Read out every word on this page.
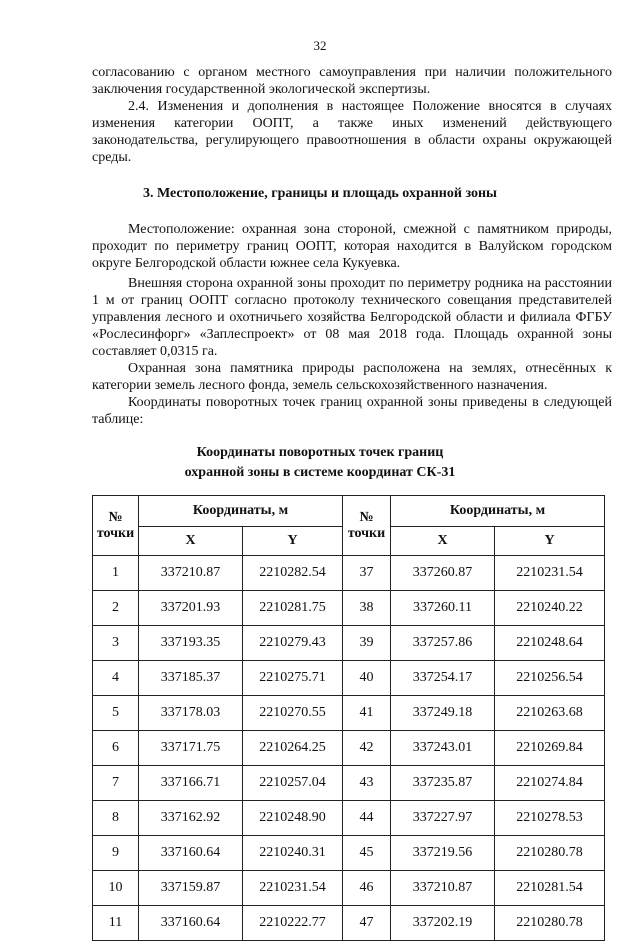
32

согласованию с органом местного самоуправления при наличии положительного заключения государственной экологической экспертизы.

2.4. Изменения и дополнения в настоящее Положение вносятся в случаях изменения категории ООПТ, а также иных изменений действующего законодательства, регулирующего правоотношения в области охраны окружающей среды.

3. Местоположение, границы и площадь охранной зоны

Местоположение: охранная зона стороной, смежной с памятником природы, проходит по периметру границ ООПТ, которая находится в Валуйском городском округе Белгородской области южнее села Кукуевка.

Внешняя сторона охранной зоны проходит по периметру родника на расстоянии 1 м от границ ООПТ согласно протоколу технического совещания представителей управления лесного и охотничьего хозяйства Белгородской области и филиала ФГБУ «Рослесинфорг» «Заплеспроект» от 08 мая 2018 года. Площадь охранной зоны составляет 0,0315 га.

Охранная зона памятника природы расположена на землях, отнесённых к категории земель лесного фонда, земель сельскохозяйственного назначения.

Координаты поворотных точек границ охранной зоны приведены в следующей таблице:

Координаты поворотных точек границ
охранной зоны в системе координат СК-31
№ точки	Координаты, м		№ точки	Координаты, м	
	X	Y		X	Y
1	337210.87	2210282.54	37	337260.87	2210231.54
2	337201.93	2210281.75	38	337260.11	2210240.22
3	337193.35	2210279.43	39	337257.86	2210248.64
4	337185.37	2210275.71	40	337254.17	2210256.54
5	337178.03	2210270.55	41	337249.18	2210263.68
6	337171.75	2210264.25	42	337243.01	2210269.84
7	337166.71	2210257.04	43	337235.87	2210274.84
8	337162.92	2210248.90	44	337227.97	2210278.53
9	337160.64	2210240.31	45	337219.56	2210280.78
10	337159.87	2210231.54	46	337210.87	2210281.54
11	337160.64	2210222.77	47	337202.19	2210280.78
